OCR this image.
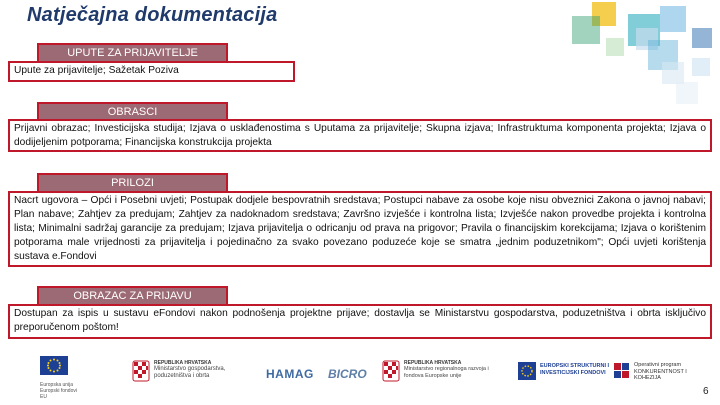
Natječajna dokumentacija
UPUTE ZA PRIJAVITELJE

Upute za prijavitelje; Sažetak Poziva

OBRASCI

Prijavni obrazac; Investicijska studija; Izjava o usklađenostima s Uputama za prijavitelje; Skupna izjava; Infrastruktuma komponenta projekta; Izjava o dodijeljenim potporama; Financijska konstrukcija projekta

PRILOZI

Nacrt ugovora – Opći i Posebni uvjeti; Postupak dodjele bespovratnih sredstava; Postupci nabave za osobe koje nisu obveznici Zakona o javnoj nabavi; Plan nabave; Zahtjev za predujam; Zahtjev za nadoknadom sredstava; Završno izvješće i kontrolna lista; Izvješće nakon provedbe projekta i kontrolna lista; Minimalni sadržaj garancije za predujam; Izjava prijavitelja o odricanju od prava na prigovor; Pravila o financijskim korekcijama; Izjava o korištenim potporama male vrijednosti za prijavitelja i pojedinačno za svako povezano poduzeće koje se smatra „jednim poduzetnikom"; Opći uvjeti korištenja sustava e.Fondovi

OBRAZAC ZA PRIJAVU

Dostupan za ispis u sustavu eFondovi nakon podnošenja projektne prijave; dostavlja se Ministarstvu gospodarstva, poduzetništva i obrta isključivo preporučenom poštom!

Europska unija
Europski fondovi EU
REPUBLIKA HRVATSKA
Ministarstvo gospodarstva, poduzetništva i obrta	HAMAG BICRO
REPUBLIKA HRVATSKA
Ministarstvo regionalnoga razvoja i fondova Europske unije
EUROPSKI STRUKTURNI I INVESTICIJSKI FONDOVI
Operativni program KONKURENTNOST I KOHEZIJA
6
